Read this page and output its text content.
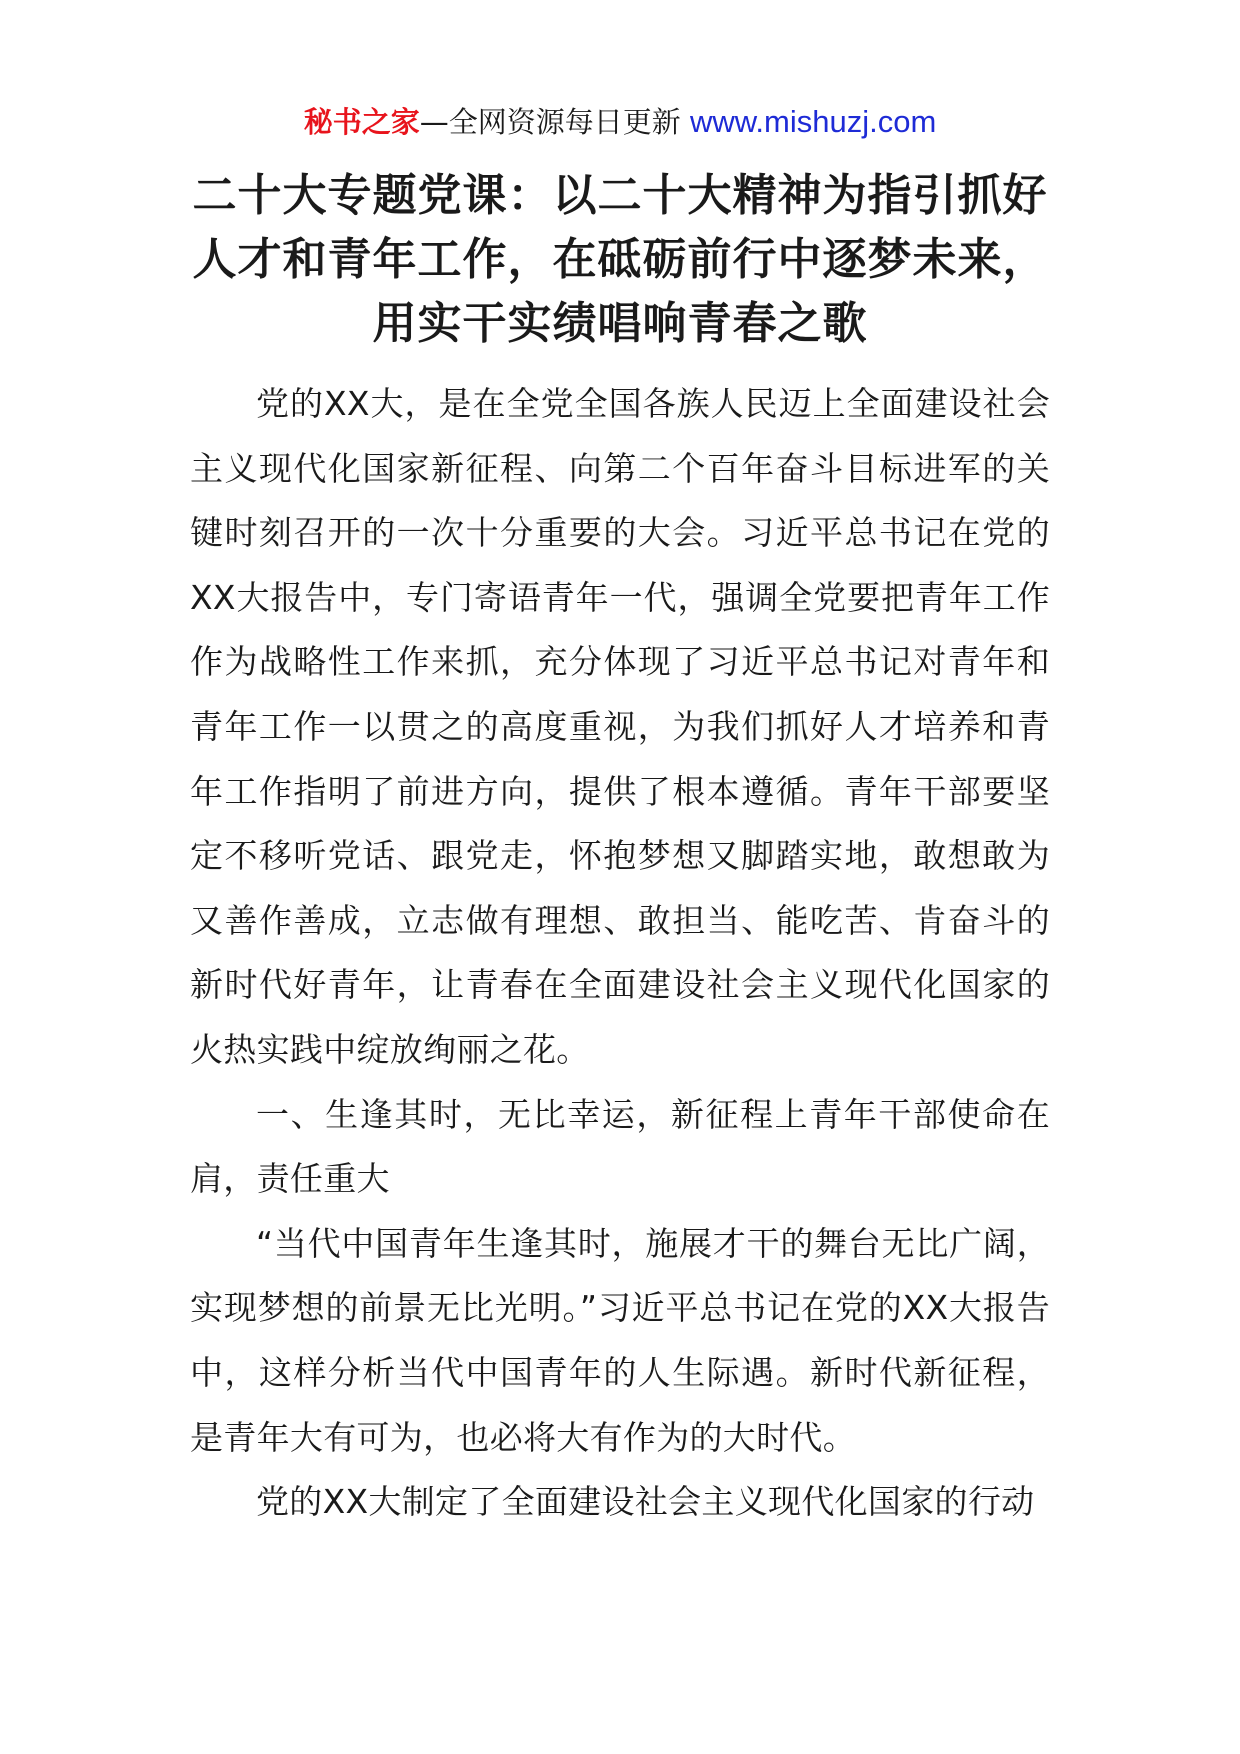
秘书之家—全网资源每日更新 www.mishuzj.com
二十大专题党课：以二十大精神为指引抓好人才和青年工作，在砥砺前行中逐梦未来，用实干实绩唱响青春之歌

党的XX大，是在全党全国各族人民迈上全面建设社会主义现代化国家新征程、向第二个百年奋斗目标进军的关键时刻召开的一次十分重要的大会。习近平总书记在党的XX大报告中，专门寄语青年一代，强调全党要把青年工作作为战略性工作来抓，充分体现了习近平总书记对青年和青年工作一以贯之的高度重视，为我们抓好人才培养和青年工作指明了前进方向，提供了根本遵循。青年干部要坚定不移听党话、跟党走，怀抱梦想又脚踏实地，敢想敢为又善作善成，立志做有理想、敢担当、能吃苦、肯奋斗的新时代好青年，让青春在全面建设社会主义现代化国家的火热实践中绽放绚丽之花。

一、生逢其时，无比幸运，新征程上青年干部使命在肩，责任重大

“当代中国青年生逢其时，施展才干的舞台无比广阔，实现梦想的前景无比光明。”习近平总书记在党的XX大报告中，这样分析当代中国青年的人生际遇。新时代新征程，是青年大有可为，也必将大有作为的大时代。

党的XX大制定了全面建设社会主义现代化国家的行动
